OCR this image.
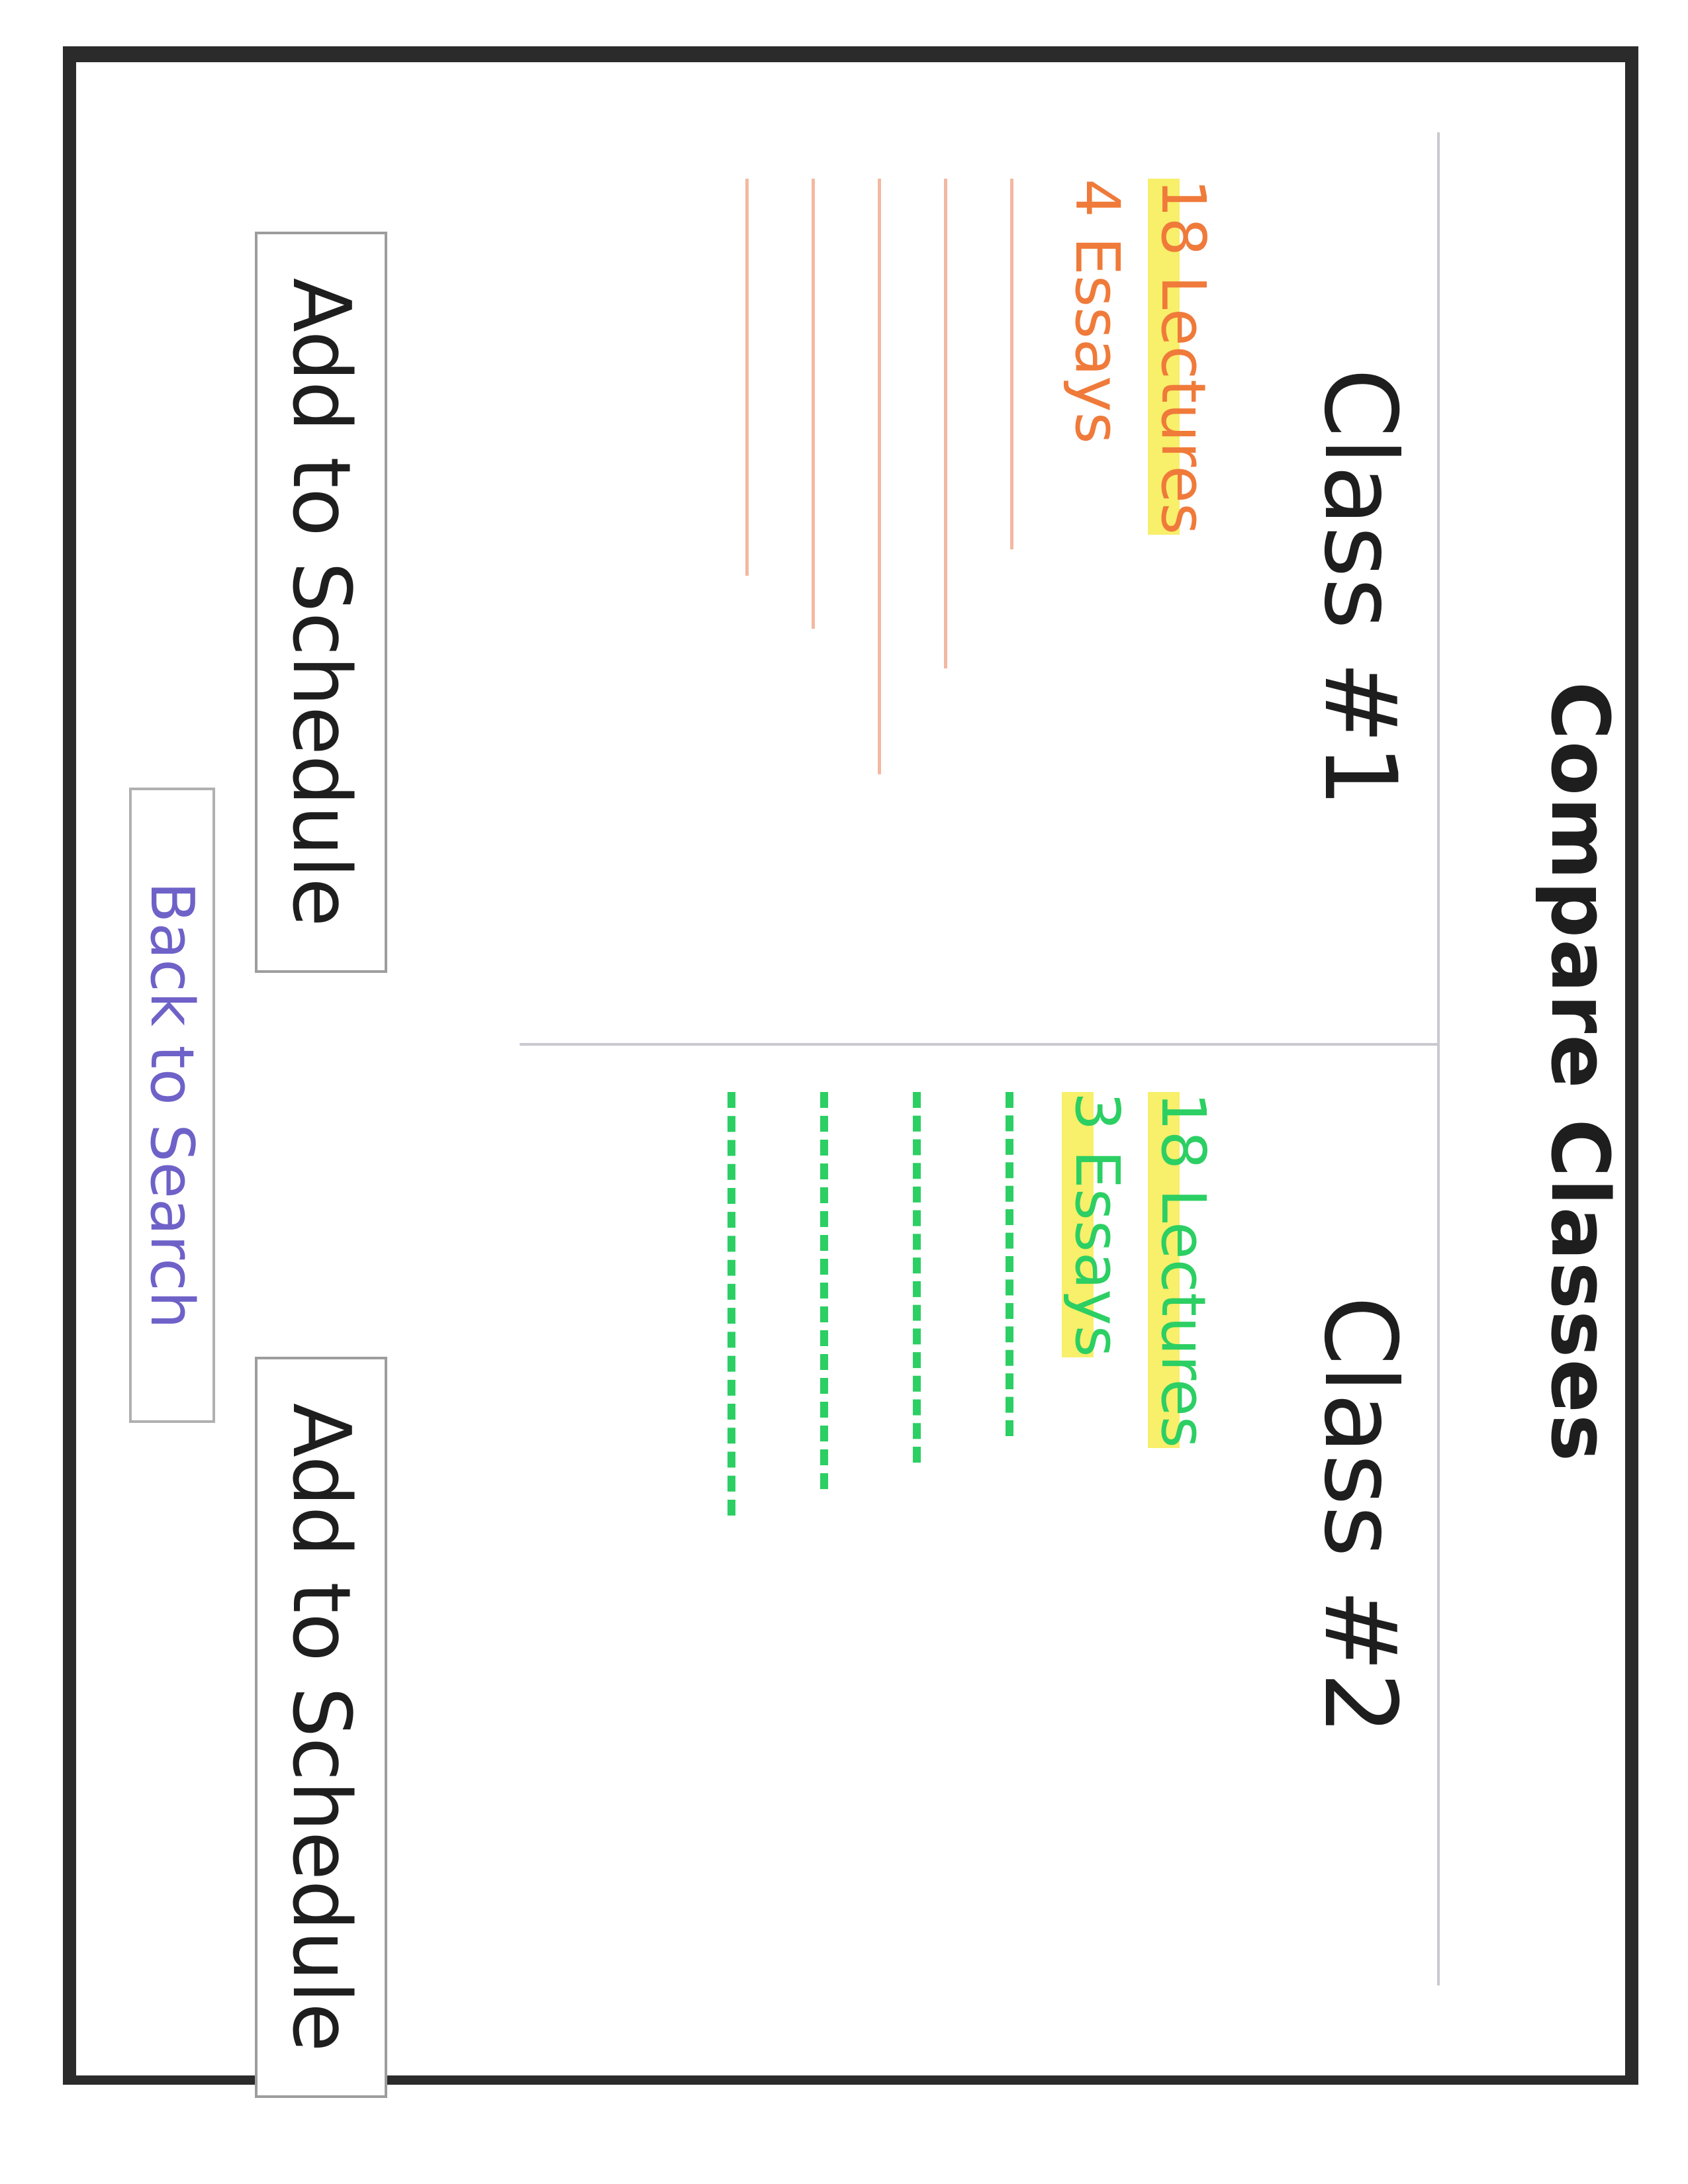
Compare Classes
Class #1
18 Lectures
4 Essays
Class #2
18 Lectures
3 Essays
Add to Schedule
Add to Schedule
Back to Search
